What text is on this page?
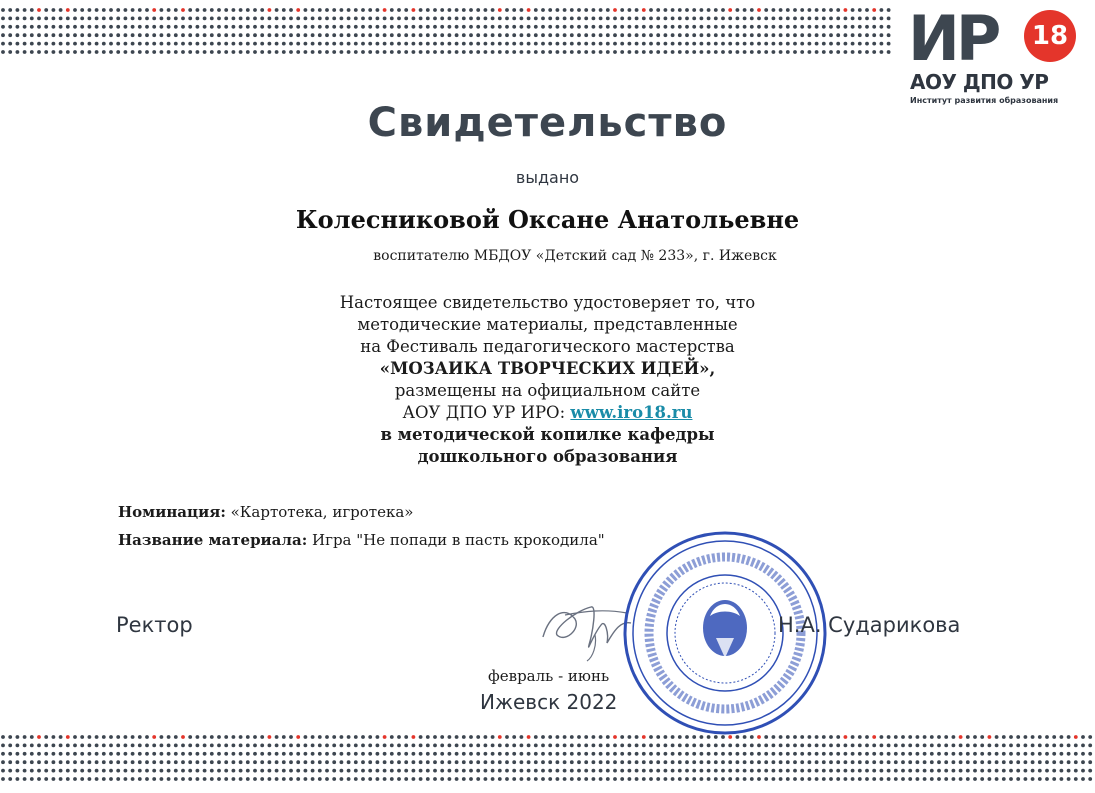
ИР	18
АОУ ДПО УР
Институт развития образования
Свидетельство
выдано
Колесниковой Оксане Анатольевне
воспитателю МБДОУ «Детский сад № 233», г. Ижевск
Настоящее свидетельство удостоверяет то, что
методические материалы, представленные
на Фестиваль педагогического мастерства
«МОЗАИКА ТВОРЧЕСКИХ ИДЕЙ»,
размещены на официальном сайте
АОУ ДПО УР ИРО: www.iro18.ru
в методической копилке кафедры
дошкольного образования
Номинация: «Картотека, игротека»
Название материала: Игра "Не попади в пасть крокодила"
Ректор	Н.А. Сударикова
февраль - июнь
Ижевск 2022
